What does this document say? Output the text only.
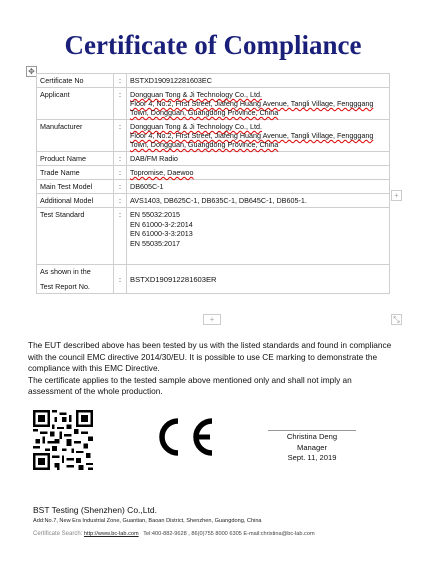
Certificate of Compliance
✥
Certificate No	:	BSTXD190912281603EC
Applicant	:	Dongguan Tong & Ji Technology Co., Ltd.
Floor 4, No.2, First Street, Jiafeng Huang Avenue, Tangli Village, Fengggang Town, Dongguan, Guangdong Province, China

Manufacturer	:	Dongguan Tong & Ji Technology Co., Ltd.
Floor 4, No.2, First Street, Jiafeng Huang Avenue, Tangli Village, Fengggang Town, Dongguan, Guangdong Province, China

Product Name	:	DAB/FM Radio
Trade Name	:	Topromise, Daewoo
Main Test Model	:	DB605C-1
Additional Model	:	AVS1403, DB625C-1, DB635C-1, DB645C-1, DB605-1.
Test Standard	:	EN 55032:2015
EN 61000-3-2:2014
EN 61000-3-3:2013
EN 55035:2017

As shown in the
Test Report No.	:	BSTXD190912281603ER
+
+	⤡

The EUT described above has been tested by us with the listed standards and found in compliance with the council EMC directive 2014/30/EU. It is possible to use CE marking to demonstrate the compliance with this EMC Directive.

The certificate applies to the tested sample above mentioned only and shall not imply an assessment of the whole production.

Christina Deng
Manager
Sept. 11, 2019
BST Testing (Shenzhen) Co.,Ltd.
Add:No.7, New Era Industrial Zone, Guantian, Baoan District, Shenzhen, Guangdong, China
Certificate Search: http://www.bc-lab.com Tel:400-882-9628 , 86(0)755 8000 6305 E-mail:christina@bc-lab.com
